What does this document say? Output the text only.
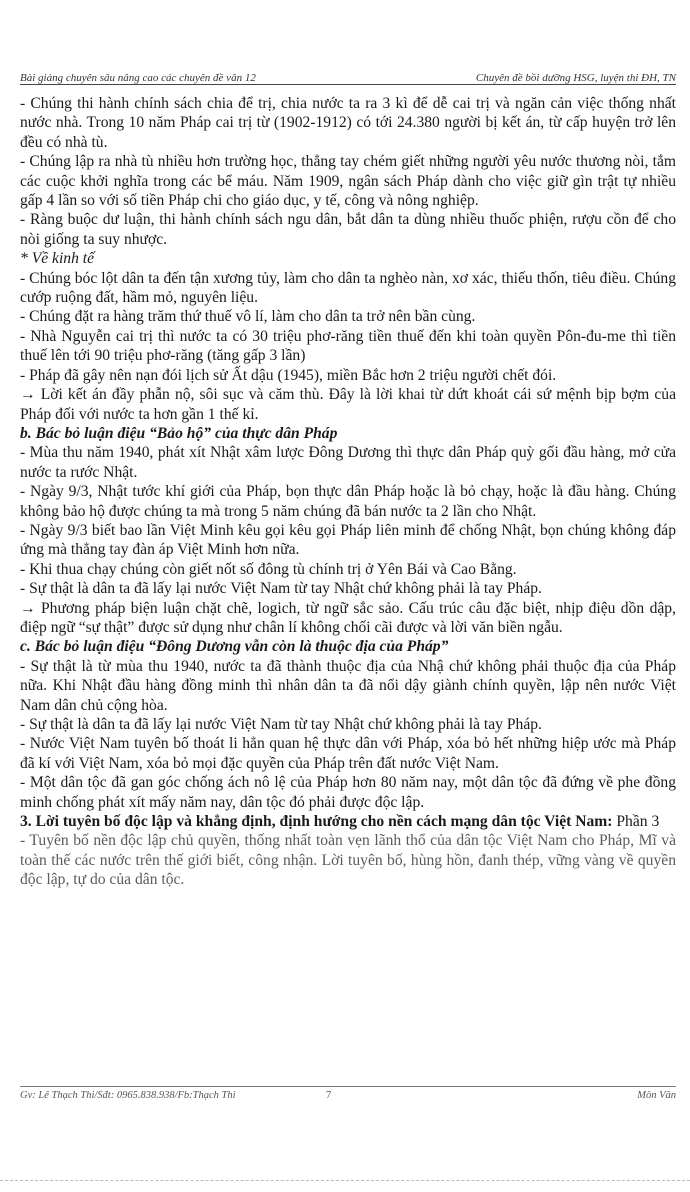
Bài giảng chuyên sâu nâng cao các chuyên đề văn 12	Chuyên đề bồi dưỡng HSG, luyện thi ĐH, TN

- Chúng thi hành chính sách chia để trị, chia nước ta ra 3 kì để dễ cai trị và ngăn cản việc thống nhất nước nhà. Trong 10 năm Pháp cai trị từ (1902-1912) có tới 24.380 người bị kết án, từ cấp huyện trở lên đều có nhà tù.

- Chúng lập ra nhà tù nhiều hơn trường học, thẳng tay chém giết những người yêu nước thương nòi, tắm các cuộc khởi nghĩa trong các bể máu. Năm 1909, ngân sách Pháp dành cho việc giữ gìn trật tự nhiều gấp 4 lần so với số tiền Pháp chi cho giáo dục, y tế, công và nông nghiệp.

- Ràng buộc dư luận, thi hành chính sách ngu dân, bắt dân ta dùng nhiều thuốc phiện, rượu cồn để cho nòi giống ta suy nhược.

* Về kinh tế

- Chúng bóc lột dân ta đến tận xương tủy, làm cho dân ta nghèo nàn, xơ xác, thiếu thốn, tiêu điều. Chúng cướp ruộng đất, hầm mỏ, nguyên liệu.

- Chúng đặt ra hàng trăm thứ thuế vô lí, làm cho dân ta trở nên bần cùng.

- Nhà Nguyễn cai trị thì nước ta có 30 triệu phơ-răng tiền thuế đến khi toàn quyền Pôn-đu-me thì tiền thuế lên tới 90 triệu phơ-răng (tăng gấp 3 lần)

- Pháp đã gây nên nạn đói lịch sử Ất dậu (1945), miền Bắc hơn 2 triệu người chết đói.

→ Lời kết án đầy phẫn nộ, sôi sục và căm thù. Đây là lời khai từ dứt khoát cái sứ mệnh bịp bợm của Pháp đối với nước ta hơn gần 1 thế kỉ.

b. Bác bỏ luận điệu “Bảo hộ” của thực dân Pháp

- Mùa thu năm 1940, phát xít Nhật xâm lược Đông Dương thì thực dân Pháp quỳ gối đầu hàng, mở cửa nước ta rước Nhật.

- Ngày 9/3, Nhật tước khí giới của Pháp, bọn thực dân Pháp hoặc là bỏ chạy, hoặc là đầu hàng. Chúng không bảo hộ được chúng ta mà trong 5 năm chúng đã bán nước ta 2 lần cho Nhật.

- Ngày 9/3 biết bao lần Việt Minh kêu gọi kêu gọi Pháp liên minh để chống Nhật, bọn chúng không đáp ứng mà thẳng tay đàn áp Việt Minh hơn nữa.

- Khi thua chạy chúng còn giết nốt số đông tù chính trị ở Yên Bái và Cao Bằng.

- Sự thật là dân ta đã lấy lại nước Việt Nam từ tay Nhật chứ không phải là tay Pháp.

→ Phương pháp biện luận chặt chẽ, logich, từ ngữ sắc sảo. Cấu trúc câu đặc biệt, nhịp điệu dồn dập, điệp ngữ “sự thật” được sử dụng như chân lí không chối cãi được và lời văn biền ngẫu.

c. Bác bỏ luận điệu “Đông Dương vẫn còn là thuộc địa của Pháp”

- Sự thật là từ mùa thu 1940, nước ta đã thành thuộc địa của Nhậ chứ không phải thuộc địa của Pháp nữa. Khi Nhật đầu hàng đồng minh thì nhân dân ta đã nổi dậy giành chính quyền, lập nên nước Việt Nam dân chủ cộng hòa.

- Sự thật là dân ta đã lấy lại nước Việt Nam từ tay Nhật chứ không phải là tay Pháp.

- Nước Việt Nam tuyên bố thoát li hẳn quan hệ thực dân với Pháp, xóa bỏ hết những hiệp ước mà Pháp đã kí với Việt Nam, xóa bỏ mọi đặc quyền của Pháp trên đất nước Việt Nam.

- Một dân tộc đã gan góc chống ách nô lệ của Pháp hơn 80 năm nay, một dân tộc đã đứng về phe đồng minh chống phát xít mấy năm nay, dân tộc đó phải được độc lập.

3. Lời tuyên bố độc lập và khẳng định, định hướng cho nền cách mạng dân tộc Việt Nam: Phần 3

- Tuyên bố nền độc lập chủ quyền, thống nhất toàn vẹn lãnh thổ của dân tộc Việt Nam cho Pháp, Mĩ và toàn thế các nước trên thế giới biết, công nhận. Lời tuyên bố, hùng hồn, đanh thép, vững vàng về quyền độc lập, tự do của dân tộc.

Gv: Lê Thạch Thi/Sđt: 0965.838.938/Fb:Thạch Thi	7	Môn Văn
